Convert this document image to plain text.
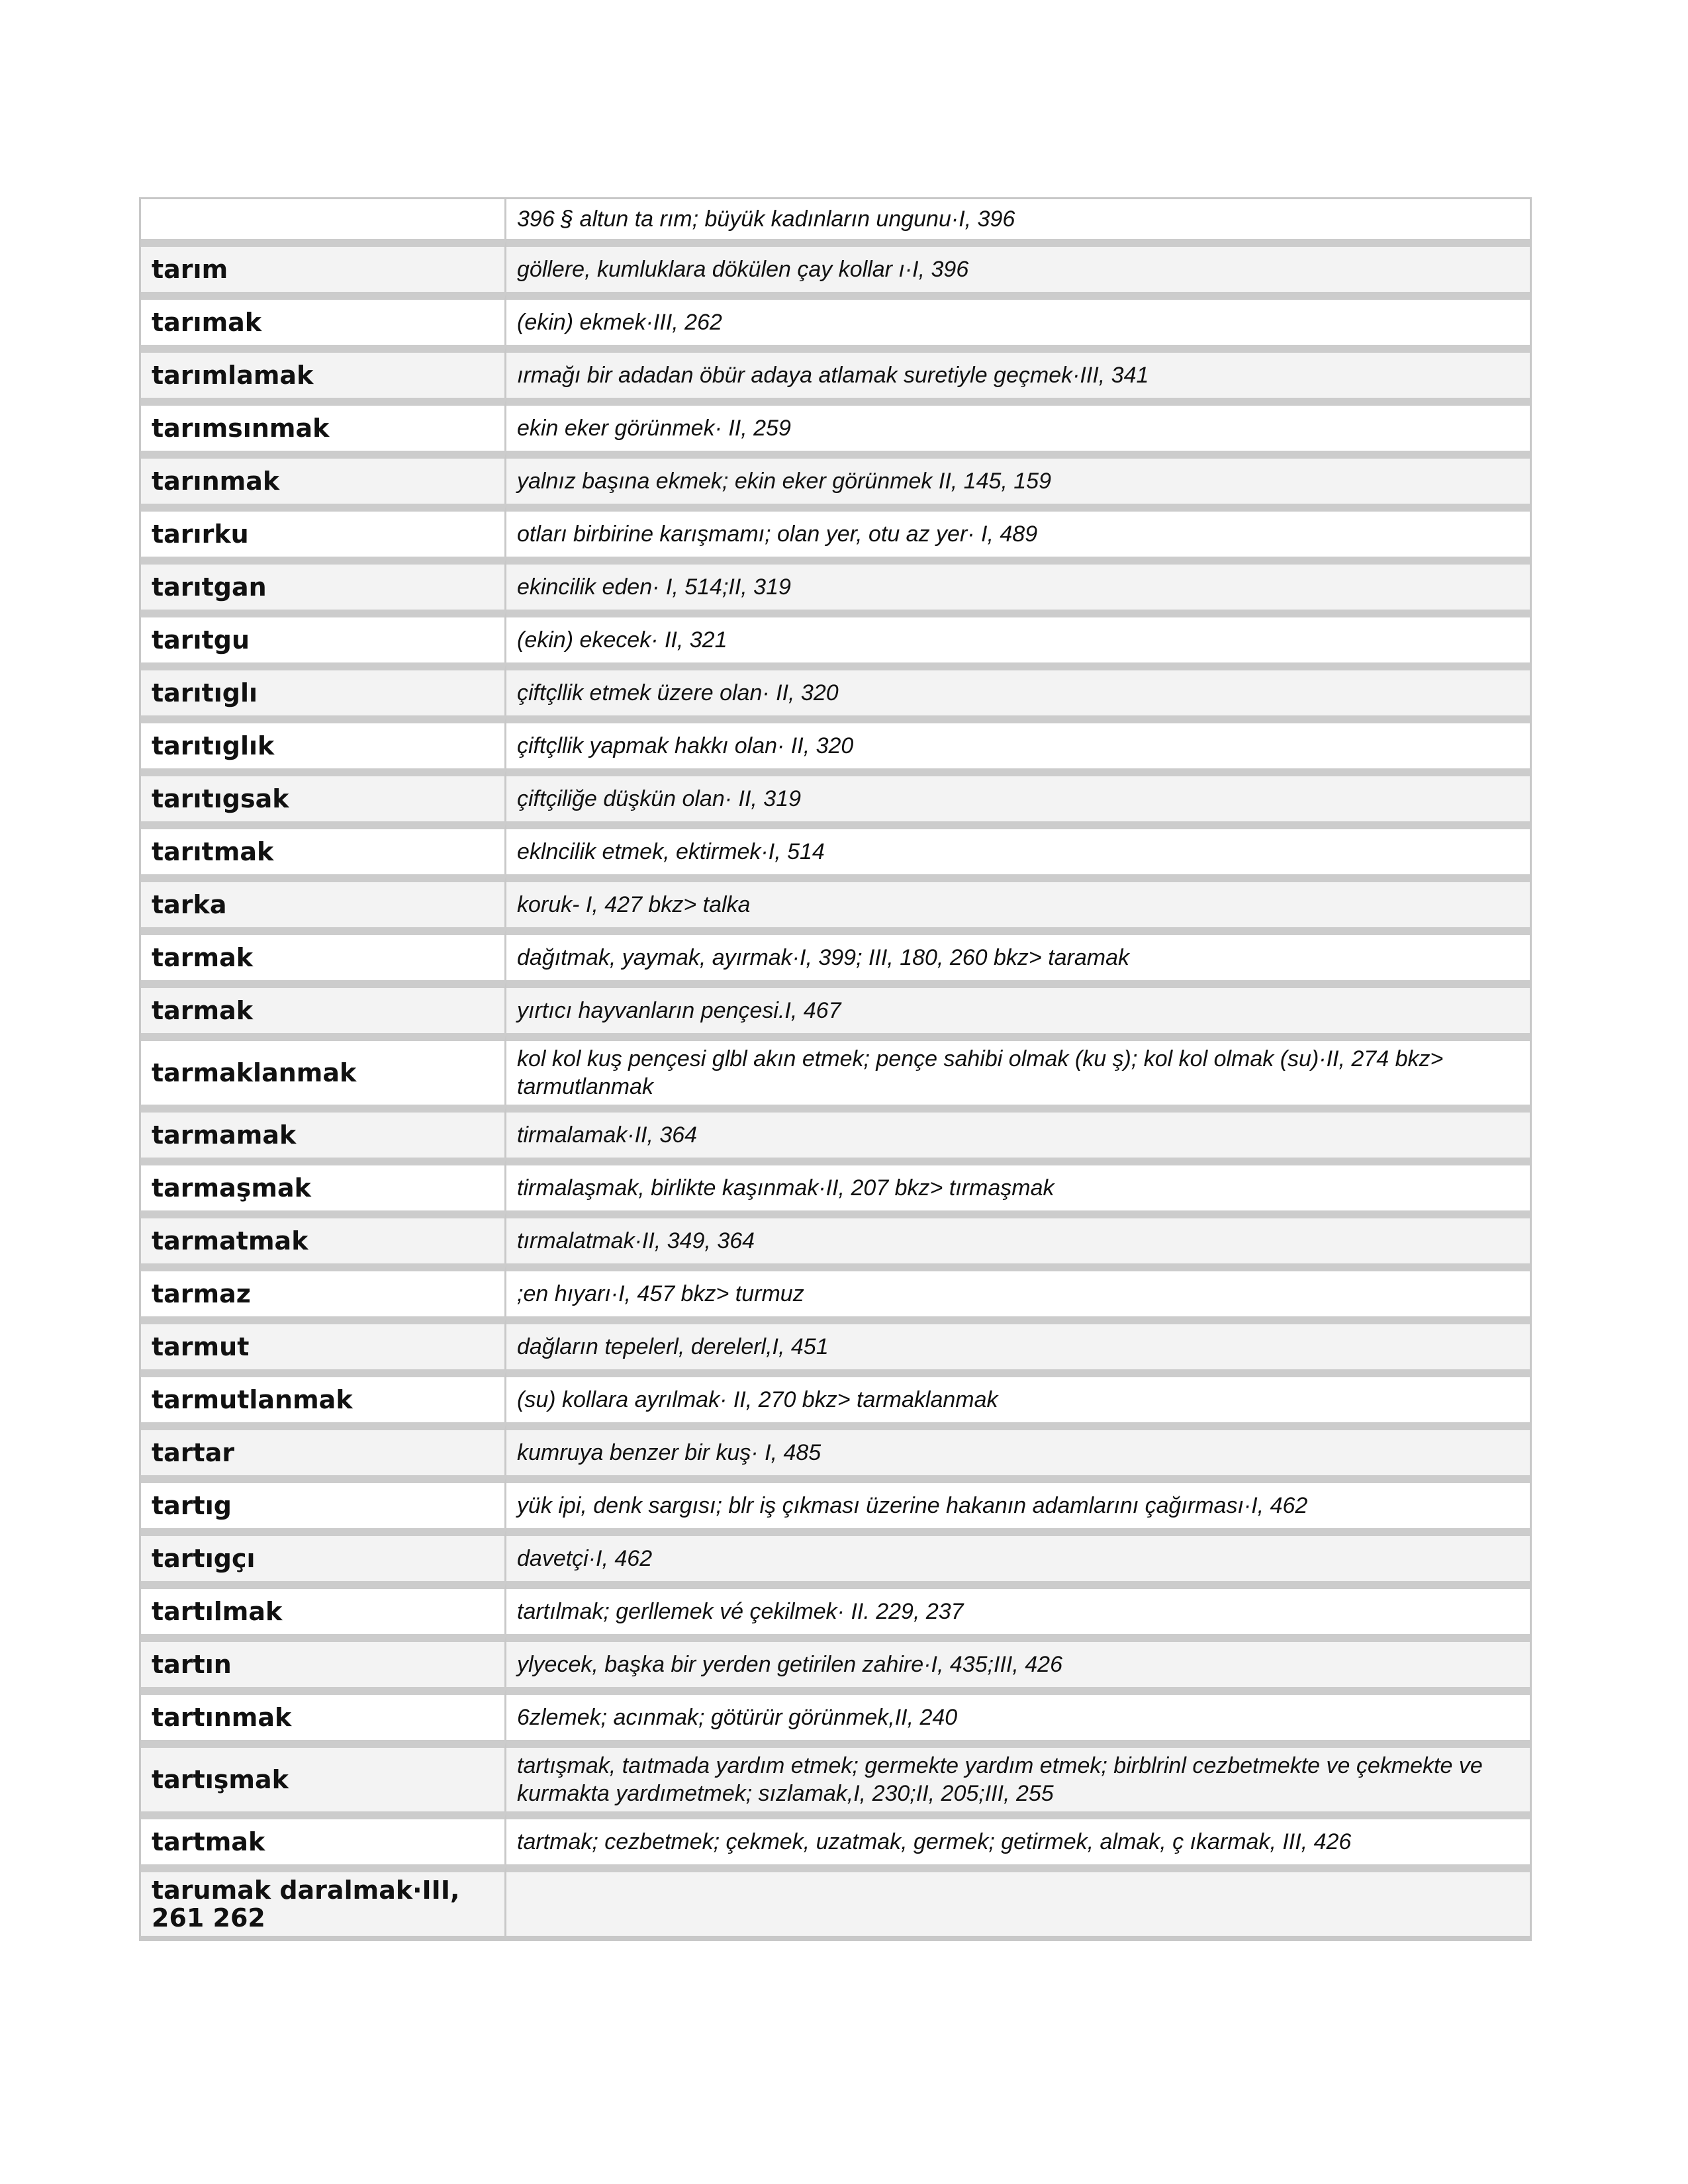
	396 § altun ta rım; büyük kadınların ungunu·I, 396
tarım	göllere, kumluklara dökülen çay kollar ı·I, 396
tarımak	(ekin) ekmek·III, 262
tarımlamak	ırmağı bir adadan öbür adaya atlamak suretiyle geçmek·III, 341
tarımsınmak	ekin eker görünmek· II, 259
tarınmak	yalnız başına ekmek; ekin eker görünmek II, 145, 159
tarırku	otları birbirine karışmamı; olan yer, otu az yer· I, 489
tarıtgan	ekincilik eden· I, 514;II, 319
tarıtgu	(ekin) ekecek· II, 321
tarıtıglı	çiftçllik etmek üzere olan· II, 320
tarıtıglık	çiftçllik yapmak hakkı olan· II, 320
tarıtıgsak	çiftçiliğe düşkün olan· II, 319
tarıtmak	eklncilik etmek, ektirmek·I, 514
tarka	koruk- I, 427 bkz> talka
tarmak	dağıtmak, yaymak, ayırmak·I, 399; III, 180, 260 bkz> taramak
tarmak	yırtıcı hayvanların pençesi.I, 467
tarmaklanmak	kol kol kuş pençesi glbl akın etmek; pençe sahibi olmak (ku ş); kol kol olmak (su)·II, 274 bkz> tarmutlanmak
tarmamak	tirmalamak·II, 364
tarmaşmak	tirmalaşmak, birlikte kaşınmak·II, 207 bkz> tırmaşmak
tarmatmak	tırmalatmak·II, 349, 364
tarmaz	;en hıyarı·I, 457 bkz> turmuz
tarmut	dağların tepelerl, derelerl,I, 451
tarmutlanmak	(su) kollara ayrılmak· II, 270 bkz> tarmaklanmak
tartar	kumruya benzer bir kuş· I, 485
tartıg	yük ipi, denk sargısı; blr iş çıkması üzerine hakanın adamlarını çağırması·I, 462
tartıgçı	davetçi·I, 462
tartılmak	tartılmak; gerllemek vé çekilmek· II. 229, 237
tartın	ylyecek, başka bir yerden getirilen zahire·I, 435;III, 426
tartınmak	6zlemek; acınmak; götürür görünmek,II, 240
tartışmak	tartışmak, taıtmada yardım etmek; germekte yardım etmek; birblrinl cezbetmekte ve çekmekte ve kurmakta yardımetmek; sızlamak,I, 230;II, 205;III, 255
tartmak	tartmak; cezbetmek; çekmek, uzatmak, germek; getirmek, almak, ç ıkarmak, III, 426
tarumak daralmak·III, 261 262	
